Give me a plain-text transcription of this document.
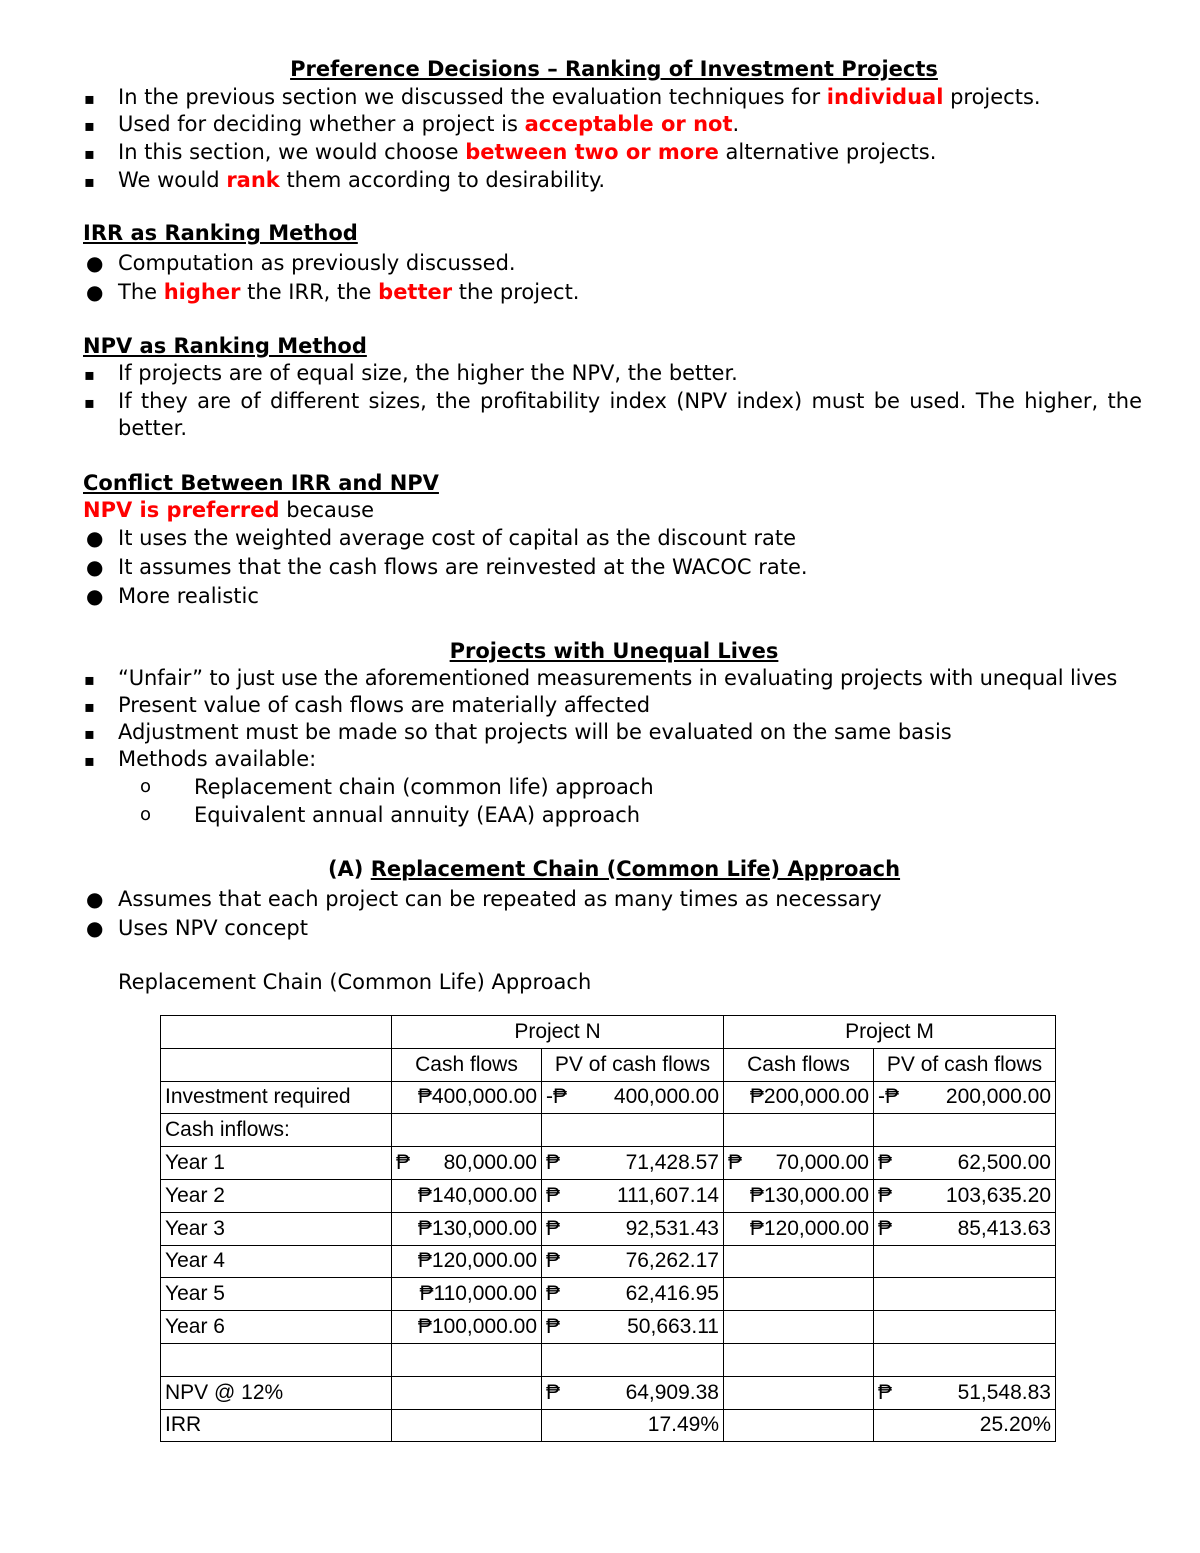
Preference Decisions – Ranking of Investment Projects
▪ In the previous section we discussed the evaluation techniques for individual projects.
▪ Used for deciding whether a project is acceptable or not.
▪ In this section, we would choose between two or more alternative projects.
▪ We would rank them according to desirability.
IRR as Ranking Method
● Computation as previously discussed.
● The higher the IRR, the better the project.
NPV as Ranking Method
▪ If projects are of equal size, the higher the NPV, the better.
▪ If they are of different sizes, the profitability index (NPV index) must be used. The higher, the better.
Conflict Between IRR and NPV
NPV is preferred because
● It uses the weighted average cost of capital as the discount rate
● It assumes that the cash flows are reinvested at the WACOC rate.
● More realistic
Projects with Unequal Lives
▪ “Unfair” to just use the aforementioned measurements in evaluating projects with unequal lives
▪ Present value of cash flows are materially affected
▪ Adjustment must be made so that projects will be evaluated on the same basis
▪ Methods available:
o Replacement chain (common life) approach
o Equivalent annual annuity (EAA) approach
(A) Replacement Chain (Common Life) Approach
● Assumes that each project can be repeated as many times as necessary
● Uses NPV concept
Replacement Chain (Common Life) Approach
	Project N		Project M	
	Cash flows	PV of cash flows	Cash flows	PV of cash flows
Investment required	₱400,000.00	-₱ 400,000.00	₱200,000.00	-₱ 200,000.00

Cash inflows:				
Year 1	₱ 80,000.00	₱ 71,428.57	₱ 70,000.00	₱ 62,500.00

Year 2	₱140,000.00	₱ 111,607.14	₱130,000.00	₱ 103,635.20

Year 3	₱130,000.00	₱ 92,531.43	₱120,000.00	₱ 85,413.63

Year 4	₱120,000.00	₱ 76,262.17		

Year 5	₱110,000.00	₱ 62,416.95		

Year 6	₱100,000.00	₱ 50,663.11		

NPV @ 12%		₱ 64,909.38		₱ 51,548.83

IRR		17.49%		25.20%
